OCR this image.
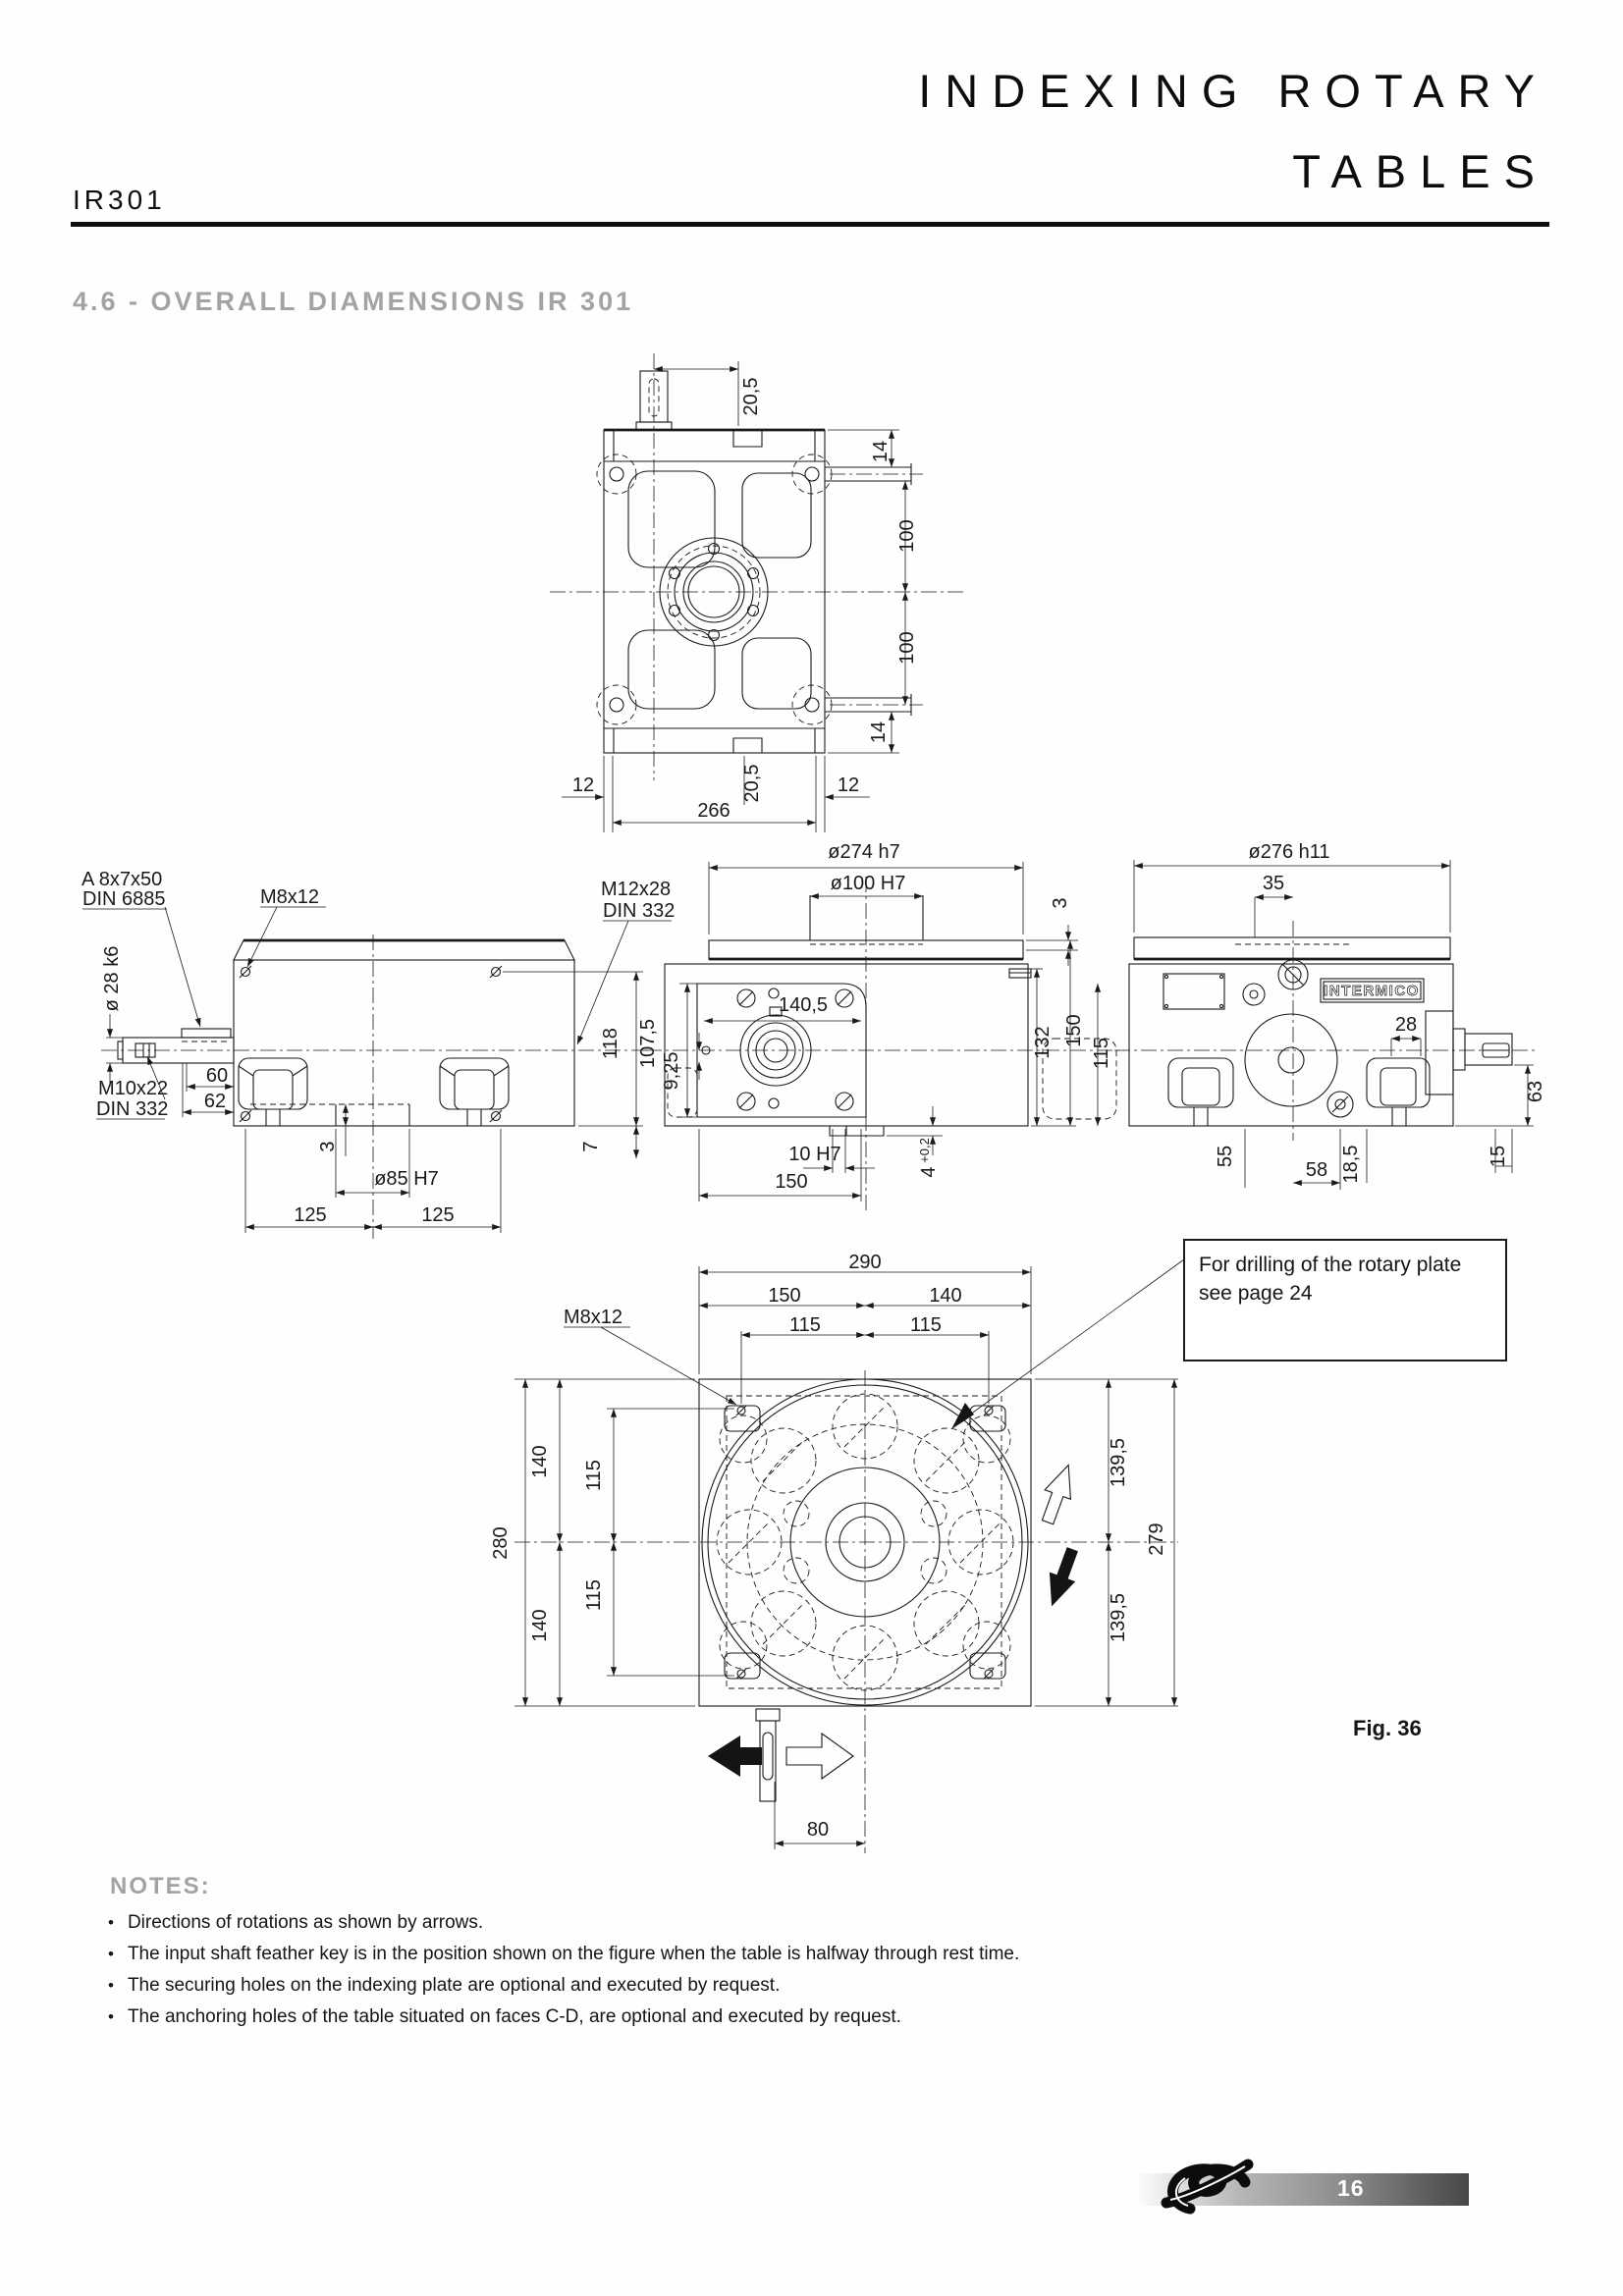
INDEXING ROTARY
TABLES
IR301
4.6 - OVERALL DIAMENSIONS IR 301
20,5
14
100
100
14
12
266
20,5	12
A 8x7x50
DIN 6885	M8x12
ø 28 k6
M10x22
DIN 332
M12x28
DIN 332
60
62
118
7
3
ø85 H7
125	125
ø274 h7
ø100 H7
3
140,5
107,5
9,25
132 150
10 H7
150	4
+0,2
INTERMICO
ø276 h11
35
115
28
63
55
58 18,5	15
290
150	140
115	115
M8x12
140 115
280
115
140
139,5
279
139,5
80
For drilling of the rotary plate see page 24
Fig. 36
NOTES:
• Directions of rotations as shown by arrows.
• The input shaft feather key is in the position shown on the figure when the table is halfway through rest time.
• The securing holes on the indexing plate are optional and executed by request.
• The anchoring holes of the table situated on faces C-D, are optional and executed by request.
16
